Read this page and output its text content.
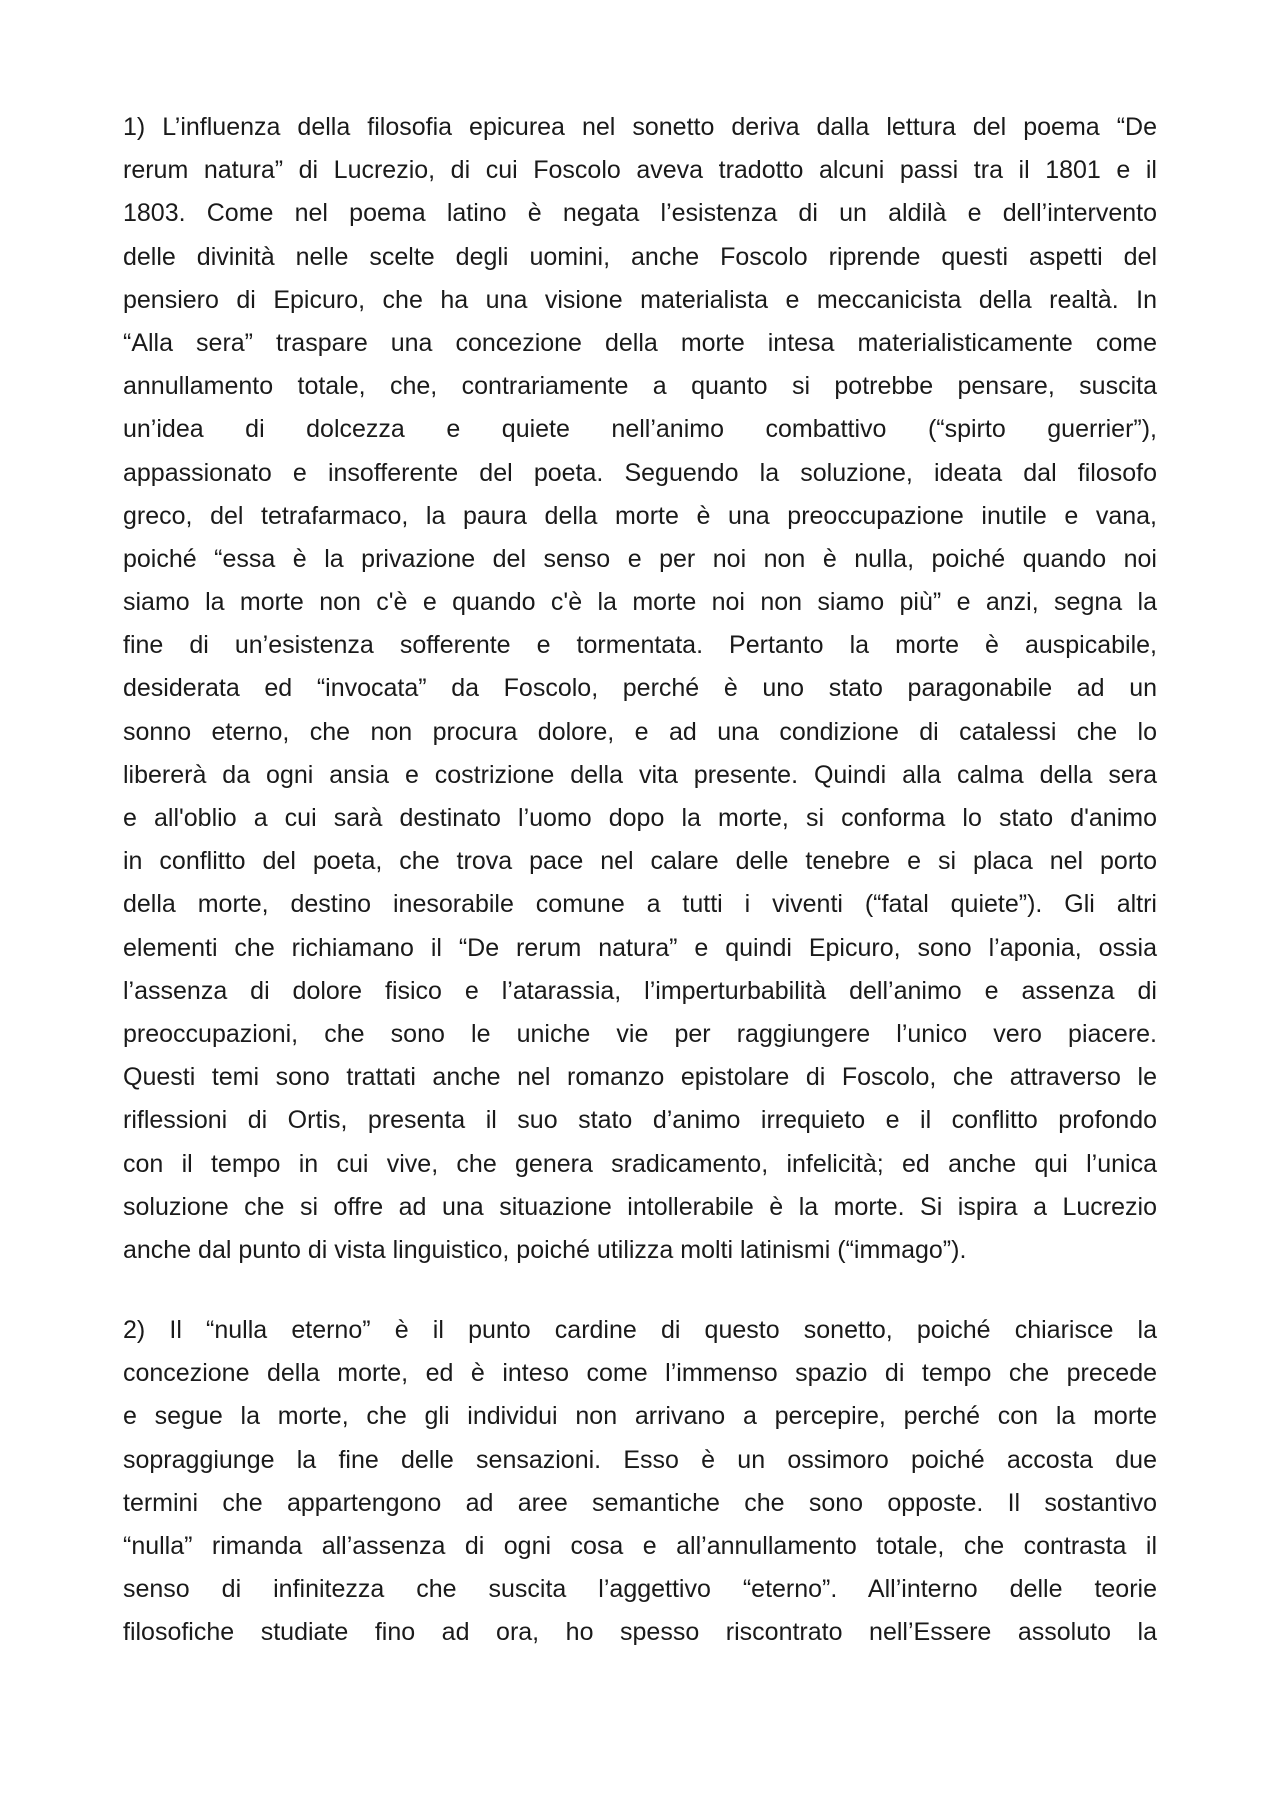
1) L’influenza della filosofia epicurea nel sonetto deriva dalla lettura del poema “De
rerum natura” di Lucrezio, di cui Foscolo aveva tradotto alcuni passi tra il 1801 e il
1803. Come nel poema latino è negata l’esistenza di un aldilà e dell’intervento
delle divinità nelle scelte degli uomini, anche Foscolo riprende questi aspetti del
pensiero di Epicuro, che ha una visione materialista e meccanicista della realtà. In
“Alla sera” traspare una concezione della morte intesa materialisticamente come
annullamento totale, che, contrariamente a quanto si potrebbe pensare, suscita
un’idea di dolcezza e quiete nell’animo combattivo (“spirto guerrier”),
appassionato e insofferente del poeta. Seguendo la soluzione, ideata dal filosofo
greco, del tetrafarmaco, la paura della morte è una preoccupazione inutile e vana,
poiché “essa è la privazione del senso e per noi non è nulla, poiché quando noi
siamo la morte non c'è e quando c'è la morte noi non siamo più” e anzi, segna la
fine di un’esistenza sofferente e tormentata. Pertanto la morte è auspicabile,
desiderata ed “invocata” da Foscolo, perché è uno stato paragonabile ad un
sonno eterno, che non procura dolore, e ad una condizione di catalessi che lo
libererà da ogni ansia e costrizione della vita presente. Quindi alla calma della sera
e all'oblio a cui sarà destinato l’uomo dopo la morte, si conforma lo stato d'animo
in conflitto del poeta, che trova pace nel calare delle tenebre e si placa nel porto
della morte, destino inesorabile comune a tutti i viventi (“fatal quiete”). Gli altri
elementi che richiamano il “De rerum natura” e quindi Epicuro, sono l’aponia, ossia
l’assenza di dolore fisico e l’atarassia, l’imperturbabilità dell’animo e assenza di
preoccupazioni, che sono le uniche vie per raggiungere l’unico vero piacere.
Questi temi sono trattati anche nel romanzo epistolare di Foscolo, che attraverso le
riflessioni di Ortis, presenta il suo stato d’animo irrequieto e il conflitto profondo
con il tempo in cui vive, che genera sradicamento, infelicità; ed anche qui l’unica
soluzione che si offre ad una situazione intollerabile è la morte. Si ispira a Lucrezio
anche dal punto di vista linguistico, poiché utilizza molti latinismi (“immago”).
2) Il “nulla eterno” è il punto cardine di questo sonetto, poiché chiarisce la
concezione della morte, ed è inteso come l’immenso spazio di tempo che precede
e segue la morte, che gli individui non arrivano a percepire, perché con la morte
sopraggiunge la fine delle sensazioni. Esso è un ossimoro poiché accosta due
termini che appartengono ad aree semantiche che sono opposte. Il sostantivo
“nulla” rimanda all’assenza di ogni cosa e all’annullamento totale, che contrasta il
senso di infinitezza che suscita l’aggettivo “eterno”. All’interno delle teorie
filosofiche studiate fino ad ora, ho spesso riscontrato nell’Essere assoluto la
